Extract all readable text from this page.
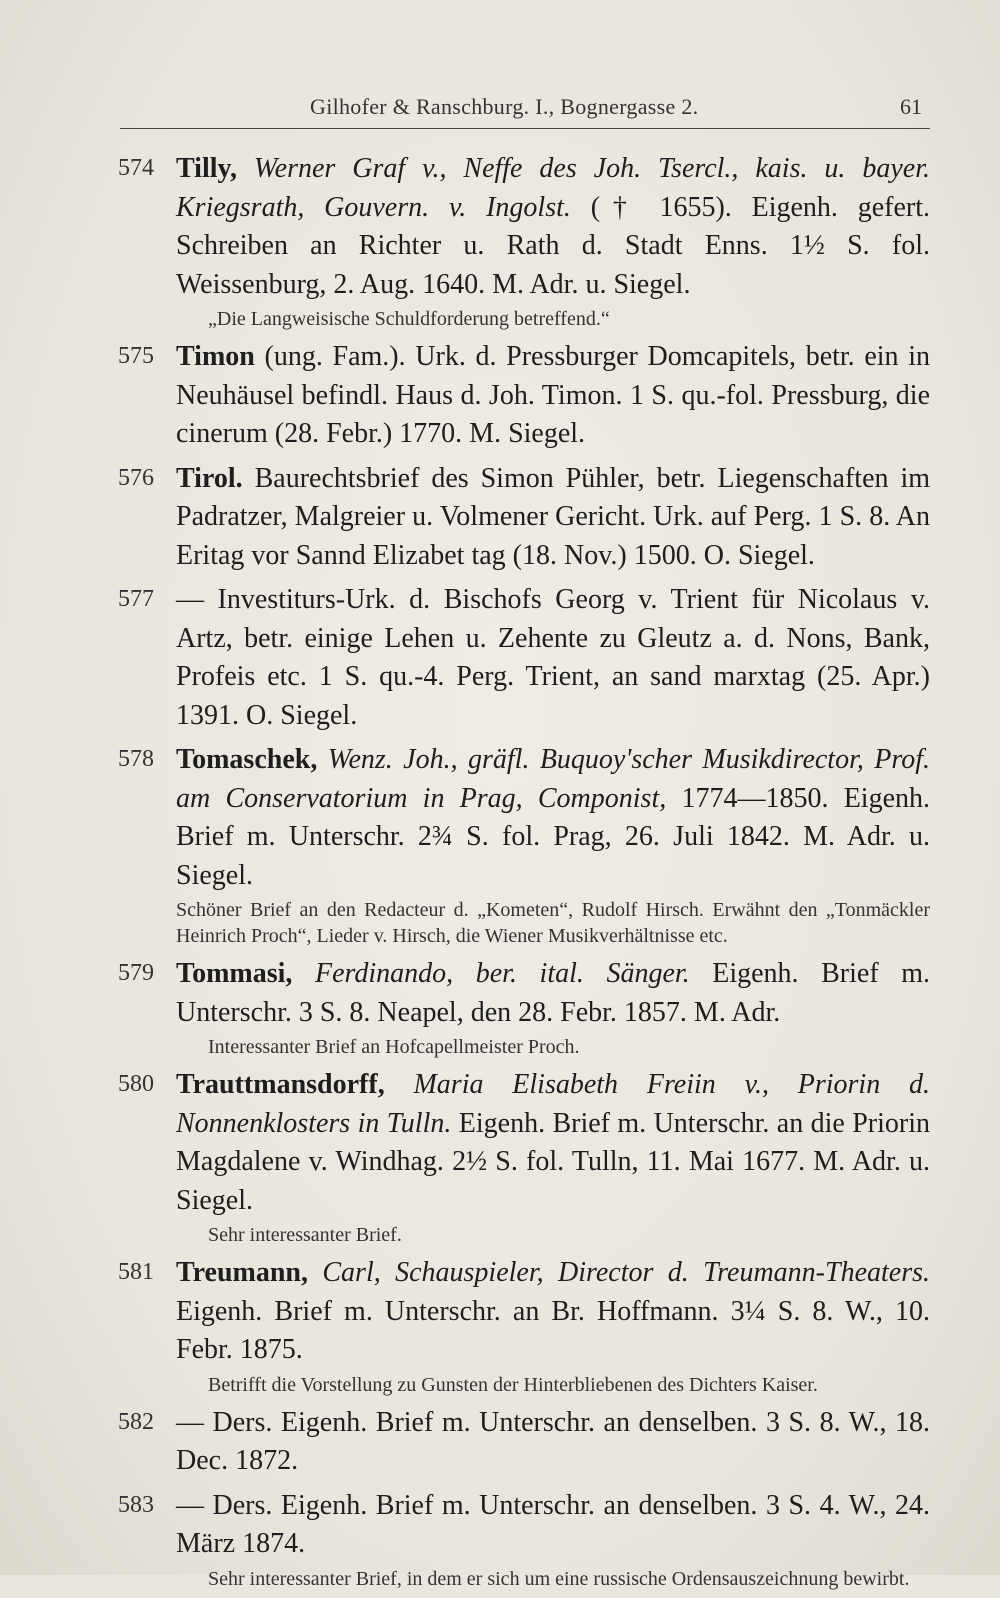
Gilhofer & Ranschburg. I., Bognergasse 2.	61
574 Tilly, Werner Graf v., Neffe des Joh. Tsercl., kais. u. bayer. Kriegsrath, Gouvern. v. Ingolst. († 1655). Eigenh. gefert. Schreiben an Richter u. Rath d. Stadt Enns. 1½ S. fol. Weissenburg, 2. Aug. 1640. M. Adr. u. Siegel.
„Die Langweisische Schuldforderung betreffend.“
575 Timon (ung. Fam.). Urk. d. Pressburger Domcapitels, betr. ein in Neuhäusel befindl. Haus d. Joh. Timon. 1 S. qu.-fol. Pressburg, die cinerum (28. Febr.) 1770. M. Siegel.
576 Tirol. Baurechtsbrief des Simon Pühler, betr. Liegenschaften im Padratzer, Malgreier u. Volmener Gericht. Urk. auf Perg. 1 S. 8. An Eritag vor Sannd Elizabet tag (18. Nov.) 1500. O. Siegel.
577 — Investiturs-Urk. d. Bischofs Georg v. Trient für Nicolaus v. Artz, betr. einige Lehen u. Zehente zu Gleutz a. d. Nons, Bank, Profeis etc. 1 S. qu.-4. Perg. Trient, an sand marxtag (25. Apr.) 1391. O. Siegel.
578 Tomaschek, Wenz. Joh., gräfl. Buquoy'scher Musikdirector, Prof. am Conservatorium in Prag, Componist, 1774—1850. Eigenh. Brief m. Unterschr. 2¾ S. fol. Prag, 26. Juli 1842. M. Adr. u. Siegel.
Schöner Brief an den Redacteur d. „Kometen“, Rudolf Hirsch. Erwähnt den „Tonmäckler Heinrich Proch“, Lieder v. Hirsch, die Wiener Musikverhältnisse etc.
579 Tommasi, Ferdinando, ber. ital. Sänger. Eigenh. Brief m. Unterschr. 3 S. 8. Neapel, den 28. Febr. 1857. M. Adr.
Interessanter Brief an Hofcapellmeister Proch.
580 Trauttmansdorff, Maria Elisabeth Freiin v., Priorin d. Nonnenklosters in Tulln. Eigenh. Brief m. Unterschr. an die Priorin Magdalene v. Windhag. 2½ S. fol. Tulln, 11. Mai 1677. M. Adr. u. Siegel.
Sehr interessanter Brief.
581 Treumann, Carl, Schauspieler, Director d. Treumann-Theaters. Eigenh. Brief m. Unterschr. an Br. Hoffmann. 3¼ S. 8. W., 10. Febr. 1875.
Betrifft die Vorstellung zu Gunsten der Hinterbliebenen des Dichters Kaiser.
582 — Ders. Eigenh. Brief m. Unterschr. an denselben. 3 S. 8. W., 18. Dec. 1872.
583 — Ders. Eigenh. Brief m. Unterschr. an denselben. 3 S. 4. W., 24. März 1874.
Sehr interessanter Brief, in dem er sich um eine russische Ordensauszeichnung bewirbt.
